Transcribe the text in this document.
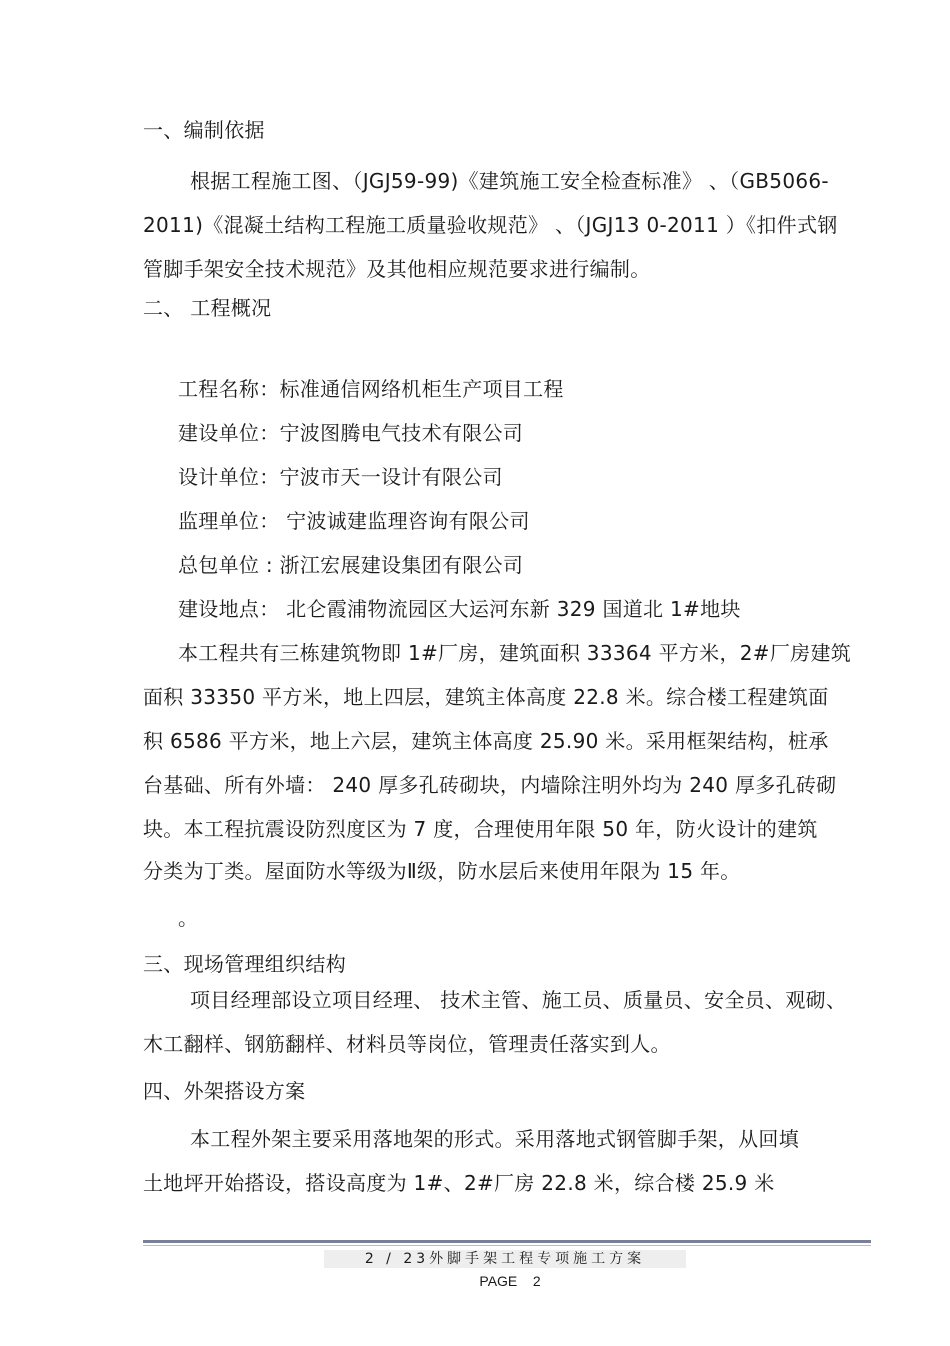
一、编制依据
根据工程施工图、（JGJ59-99)《建筑施工安全检查标准》 、（GB5066-
2011)《混凝土结构工程施工质量验收规范》 、（JGJ13 0-2011 ）《扣件式钢
管脚手架安全技术规范》及其他相应规范要求进行编制。
二、 工程概况
工程名称：标准通信网络机柜生产项目工程
建设单位：宁波图腾电气技术有限公司
设计单位：宁波市天一设计有限公司
监理单位： 宁波诚建监理咨询有限公司
总包单位 : 浙江宏展建设集团有限公司
建设地点： 北仑霞浦物流园区大运河东新 329 国道北 1#地块
本工程共有三栋建筑物即 1#厂房，建筑面积 33364 平方米，2#厂房建筑
面积 33350 平方米，地上四层，建筑主体高度 22.8 米。综合楼工程建筑面
积 6586 平方米，地上六层，建筑主体高度 25.90 米。采用框架结构，桩承
台基础、所有外墙： 240 厚多孔砖砌块，内墙除注明外均为 240 厚多孔砖砌
块。本工程抗震设防烈度区为 7 度，合理使用年限 50 年，防火设计的建筑
分类为丁类。屋面防水等级为Ⅱ级，防水层后来使用年限为 15 年。
。
三、现场管理组织结构
项目经理部设立项目经理、 技术主管、施工员、质量员、安全员、观砌、
木工翻样、钢筋翻样、材料员等岗位，管理责任落实到人。
四、外架搭设方案
本工程外架主要采用落地架的形式。采用落地式钢管脚手架，从回填
土地坪开始搭设，搭设高度为 1#、2#厂房 22.8 米，综合楼 25.9 米
2 / 23外脚手架工程专项施工方案
PAGE    2
